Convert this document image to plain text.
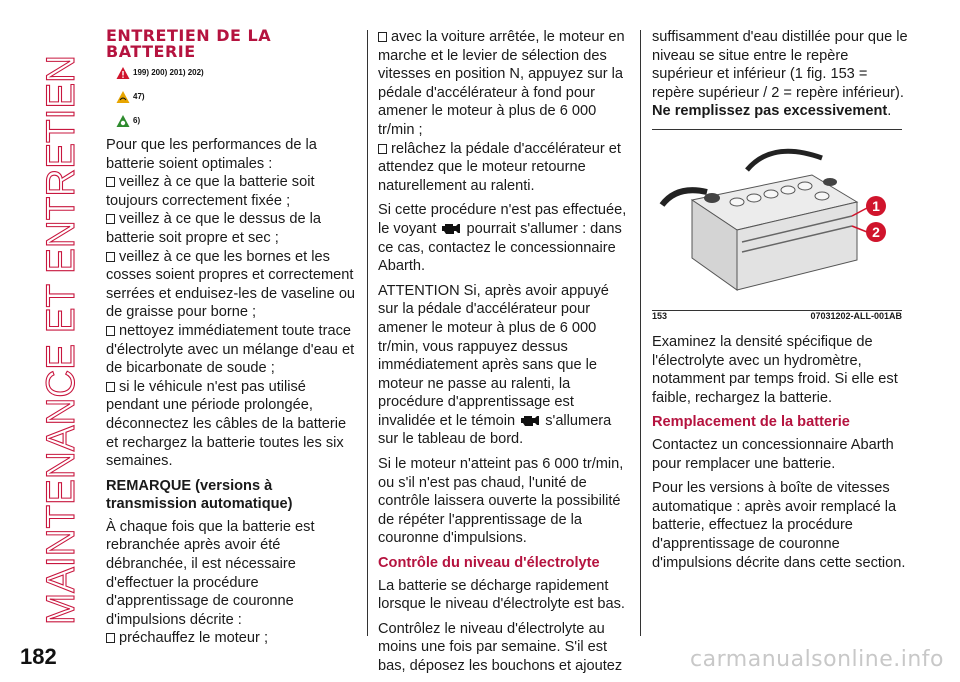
MAINTENANCE ET ENTRETIEN
182
ENTRETIEN DE LA
BATTERIE
199) 200) 201) 202)
47)
6)

Pour que les performances de la batterie soient optimales :

veillez à ce que la batterie soit toujours correctement fixée ;
veillez à ce que le dessus de la batterie soit propre et sec ;
veillez à ce que les bornes et les cosses soient propres et correctement serrées et enduisez-les de vaseline ou de graisse pour borne ;
nettoyez immédiatement toute trace d'électrolyte avec un mélange d'eau et de bicarbonate de soude ;
si le véhicule n'est pas utilisé pendant une période prolongée, déconnectez les câbles de la batterie et rechargez la batterie toutes les six semaines.
REMARQUE (versions à transmission automatique)

À chaque fois que la batterie est rebranchée après avoir été débranchée, il est nécessaire d'effectuer la procédure d'apprentissage de couronne d'impulsions décrite :

préchauffez le moteur ;
avec la voiture arrêtée, le moteur en marche et le levier de sélection des vitesses en position N, appuyez sur la pédale d'accélérateur à fond pour amener le moteur à plus de 6 000 tr/min ;
relâchez la pédale d'accélérateur et attendez que le moteur retourne naturellement au ralenti.

Si cette procédure n'est pas effectuée, le voyant pourrait s'allumer : dans ce cas, contactez le concessionnaire Abarth.

ATTENTION Si, après avoir appuyé sur la pédale d'accélérateur pour amener le moteur à plus de 6 000 tr/min, vous rappuyez dessus immédiatement après sans que le moteur ne passe au ralenti, la procédure d'apprentissage est invalidée et le témoin s'allumera sur le tableau de bord.

Si le moteur n'atteint pas 6 000 tr/min, ou s'il n'est pas chaud, l'unité de contrôle laissera ouverte la possibilité de répéter l'apprentissage de la couronne d'impulsions.

Contrôle du niveau d'électrolyte

La batterie se décharge rapidement lorsque le niveau d'électrolyte est bas.

Contrôlez le niveau d'électrolyte au moins une fois par semaine. S'il est bas, déposez les bouchons et ajoutez

suffisamment d'eau distillée pour que le niveau se situe entre le repère supérieur et inférieur (1 fig. 153 = repère supérieur / 2 = repère inférieur). Ne remplissez pas excessivement.

1
2
153	07031202-ALL-001AB

Examinez la densité spécifique de l'électrolyte avec un hydromètre, notamment par temps froid. Si elle est faible, rechargez la batterie.

Remplacement de la batterie

Contactez un concessionnaire Abarth pour remplacer une batterie.

Pour les versions à boîte de vitesses automatique : après avoir remplacé la batterie, effectuez la procédure d'apprentissage de couronne d'impulsions décrite dans cette section.

carmanualsonline.info
